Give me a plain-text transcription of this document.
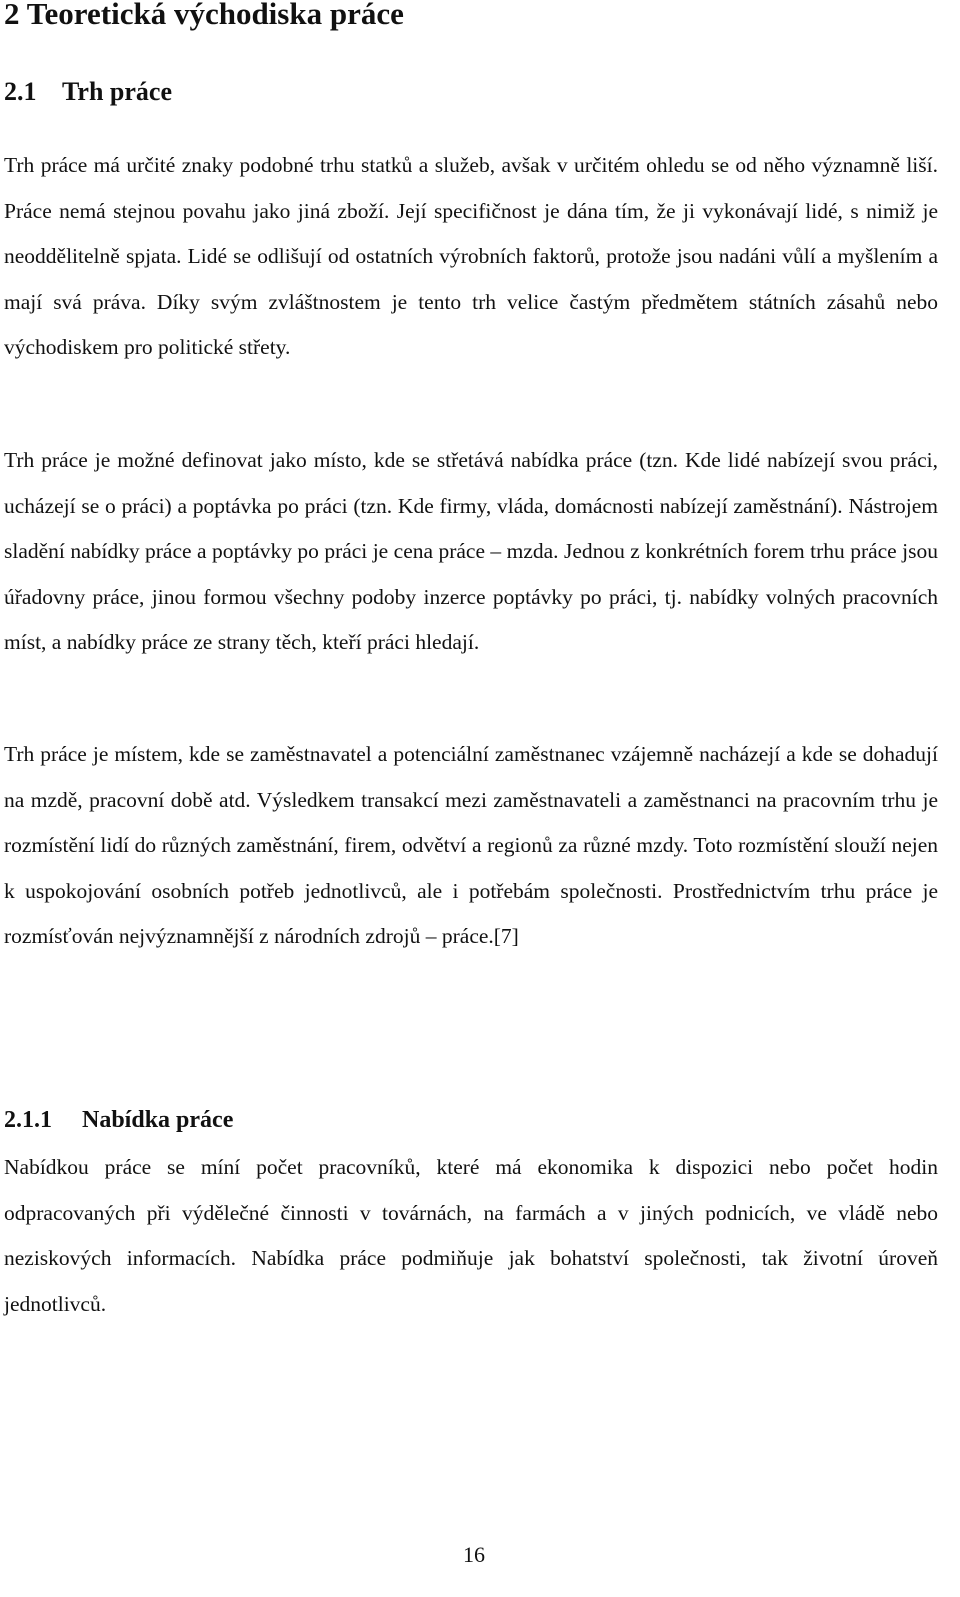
2 Teoretická východiska práce
2.1 Trh práce

Trh práce má určité znaky podobné trhu statků a služeb, avšak v určitém ohledu se od něho významně liší. Práce nemá stejnou povahu jako jiná zboží. Její specifičnost je dána tím, že ji vykonávají lidé, s nimiž je neoddělitelně spjata. Lidé se odlišují od ostatních výrobních faktorů, protože jsou nadáni vůlí a myšlením a mají svá práva. Díky svým zvláštnostem je tento trh velice častým předmětem státních zásahů nebo východiskem pro politické střety.

Trh práce je možné definovat jako místo, kde se střetává nabídka práce (tzn. Kde lidé nabízejí svou práci, ucházejí se o práci) a poptávka po práci (tzn. Kde firmy, vláda, domácnosti nabízejí zaměstnání). Nástrojem sladění nabídky práce a poptávky po práci je cena práce – mzda. Jednou z konkrétních forem trhu práce jsou úřadovny práce, jinou formou všechny podoby inzerce poptávky po práci, tj. nabídky volných pracovních míst, a nabídky práce ze strany těch, kteří práci hledají.

Trh práce je místem, kde se zaměstnavatel a potenciální zaměstnanec vzájemně nacházejí a kde se dohadují na mzdě, pracovní době atd. Výsledkem transakcí mezi zaměstnavateli a zaměstnanci na pracovním trhu je rozmístění lidí do různých zaměstnání, firem, odvětví a regionů za různé mzdy. Toto rozmístění slouží nejen k uspokojování osobních potřeb jednotlivců, ale i potřebám společnosti. Prostřednictvím trhu práce je rozmísťován nejvýznamnější z národních zdrojů – práce.[7]

2.1.1 Nabídka práce

Nabídkou práce se míní počet pracovníků, které má ekonomika k dispozici nebo počet hodin odpracovaných při výdělečné činnosti v továrnách, na farmách a v jiných podnicích, ve vládě nebo neziskových informacích. Nabídka práce podmiňuje jak bohatství společnosti, tak životní úroveň jednotlivců.

16
